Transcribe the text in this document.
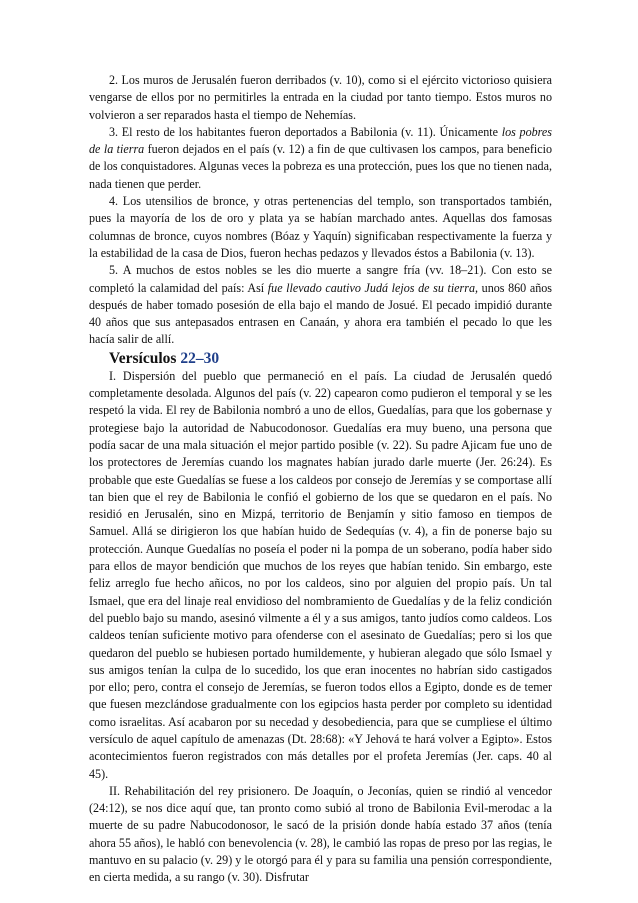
2. Los muros de Jerusalén fueron derribados (v. 10), como si el ejército victorioso quisiera vengarse de ellos por no permitirles la entrada en la ciudad por tanto tiempo. Estos muros no volvieron a ser reparados hasta el tiempo de Nehemías.

3. El resto de los habitantes fueron deportados a Babilonia (v. 11). Únicamente los pobres de la tierra fueron dejados en el país (v. 12) a fin de que cultivasen los campos, para beneficio de los conquistadores. Algunas veces la pobreza es una protección, pues los que no tienen nada, nada tienen que perder.

4. Los utensilios de bronce, y otras pertenencias del templo, son transportados también, pues la mayoría de los de oro y plata ya se habían marchado antes. Aquellas dos famosas columnas de bronce, cuyos nombres (Bóaz y Yaquín) significaban respectivamente la fuerza y la estabilidad de la casa de Dios, fueron hechas pedazos y llevados éstos a Babilonia (v. 13).

5. A muchos de estos nobles se les dio muerte a sangre fría (vv. 18–21). Con esto se completó la calamidad del país: Así fue llevado cautivo Judá lejos de su tierra, unos 860 años después de haber tomado posesión de ella bajo el mando de Josué. El pecado impidió durante 40 años que sus antepasados entrasen en Canaán, y ahora era también el pecado lo que les hacía salir de allí.

Versículos 22–30

I. Dispersión del pueblo que permaneció en el país. La ciudad de Jerusalén quedó completamente desolada. Algunos del país (v. 22) capearon como pudieron el temporal y se les respetó la vida. El rey de Babilonia nombró a uno de ellos, Guedalías, para que los gobernase y protegiese bajo la autoridad de Nabucodonosor. Guedalías era muy bueno, una persona que podía sacar de una mala situación el mejor partido posible (v. 22). Su padre Ajicam fue uno de los protectores de Jeremías cuando los magnates habían jurado darle muerte (Jer. 26:24). Es probable que este Guedalías se fuese a los caldeos por consejo de Jeremías y se comportase allí tan bien que el rey de Babilonia le confió el gobierno de los que se quedaron en el país. No residió en Jerusalén, sino en Mizpá, territorio de Benjamín y sitio famoso en tiempos de Samuel. Allá se dirigieron los que habían huido de Sedequías (v. 4), a fin de ponerse bajo su protección. Aunque Guedalías no poseía el poder ni la pompa de un soberano, podía haber sido para ellos de mayor bendición que muchos de los reyes que habían tenido. Sin embargo, este feliz arreglo fue hecho añicos, no por los caldeos, sino por alguien del propio país. Un tal Ismael, que era del linaje real envidioso del nombramiento de Guedalías y de la feliz condición del pueblo bajo su mando, asesinó vilmente a él y a sus amigos, tanto judíos como caldeos. Los caldeos tenían suficiente motivo para ofenderse con el asesinato de Guedalías; pero si los que quedaron del pueblo se hubiesen portado humildemente, y hubieran alegado que sólo Ismael y sus amigos tenían la culpa de lo sucedido, los que eran inocentes no habrían sido castigados por ello; pero, contra el consejo de Jeremías, se fueron todos ellos a Egipto, donde es de temer que fuesen mezclándose gradualmente con los egipcios hasta perder por completo su identidad como israelitas. Así acabaron por su necedad y desobediencia, para que se cumpliese el último versículo de aquel capítulo de amenazas (Dt. 28:68): «Y Jehová te hará volver a Egipto». Estos acontecimientos fueron registrados con más detalles por el profeta Jeremías (Jer. caps. 40 al 45).

II. Rehabilitación del rey prisionero. De Joaquín, o Jeconías, quien se rindió al vencedor (24:12), se nos dice aquí que, tan pronto como subió al trono de Babilonia Evil-merodac a la muerte de su padre Nabucodonosor, le sacó de la prisión donde había estado 37 años (tenía ahora 55 años), le habló con benevolencia (v. 28), le cambió las ropas de preso por las regias, le mantuvo en su palacio (v. 29) y le otorgó para él y para su familia una pensión correspondiente, en cierta medida, a su rango (v. 30). Disfrutar
